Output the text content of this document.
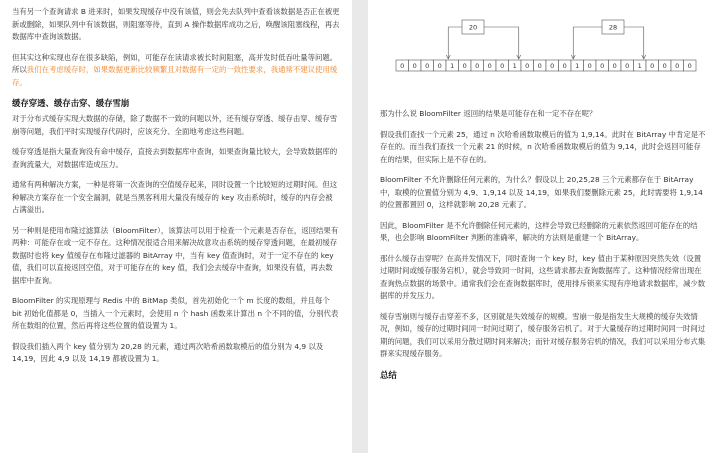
当有另一个查询请求 B 进来时，如果发现缓存中没有该值，则会先去队列中查看该数据是否正在被更新或删除，如果队列中有该数据，则阻塞等待，直到 A 操作数据库成功之后，唤醒该阻塞线程，再去数据库中查询该数据。

但其实这种实现也存在很多缺陷，例如，可能存在读请求被长时间阻塞，高并发时低吞吐量等问题。所以我们在考虑缓存时，如果数据更新比较频繁且对数据有一定的一致性要求，我通常不建议使用缓存。

缓存穿透、缓存击穿、缓存雪崩

对于分布式缓存实现大数据的存储，除了数据不一致的问题以外，还有缓存穿透、缓存击穿、缓存雪崩等问题，我们平时实现缓存代码时，应该充分、全面地考虑这些问题。

缓存穿透是指大量查询没有命中缓存，直接去到数据库中查询，如果查询量比较大，会导致数据库的查询流量大，对数据库造成压力。

通常有两种解决方案，一种是将第一次查询的空值缓存起来，同时设置一个比较短的过期时间。但这种解决方案存在一个安全漏洞，就是当黑客利用大量没有缓存的 key 攻击系统时，缓存的内存会被占满溢出。

另一种则是使用布隆过滤算法（BloomFilter），该算法可以用于检查一个元素是否存在，返回结果有两种：可能存在或一定不存在。这种情况很适合用来解决故意攻击系统的缓存穿透问题，在最初缓存数据时也将 key 值缓存在布隆过滤器的 BitArray 中，当有 key 值查询时，对于一定不存在的 key 值，我们可以直接返回空值，对于可能存在的 key 值，我们会去缓存中查询，如果没有值，再去数据库中查询。

BloomFilter 的实现原理与 Redis 中的 BitMap 类似，首先初始化一个 m 长度的数组，并且每个 bit 初始化值都是 0，当插入一个元素时，会使用 n 个 hash 函数来计算出 n 个不同的值，分别代表所在数组的位置，然后再将这些位置的值设置为 1。

假设我们插入两个 key 值分别为 20,28 的元素，通过两次哈希函数取模后的值分别为 4,9 以及 14,19，因此 4,9 以及 14,19 都被设置为 1。

0 0 0 0 1 0 0 0 0 1 0 0 0 0 1 0 0 0 0 1 0 0 0 0
20	28

那为什么说 BloomFilter 返回的结果是可能存在和一定不存在呢？

假设我们查找一个元素 25，通过 n 次哈希函数取模后的值为 1,9,14。此时在 BitArray 中肯定是不存在的。而当我们查找一个元素 21 的时候，n 次哈希函数取模后的值为 9,14，此时会返回可能存在的结果，但实际上是不存在的。

BloomFilter 不允许删除任何元素的，为什么？假设以上 20,25,28 三个元素都存在于 BitArray 中，取模的位置值分别为 4,9、1,9,14 以及 14,19，如果我们要删除元素 25，此时需要将 1,9,14 的位置都置回 0，这样就影响 20,28 元素了。

因此，BloomFilter 是不允许删除任何元素的，这样会导致已经删除的元素依然返回可能存在的结果，也会影响 BloomFilter 判断的准确率，解决的方法则是重建一个 BitArray。

那什么缓存击穿呢？在高并发情况下，同时查询一个 key 时，key 值由于某种原因突然失效（设置过期时间或缓存服务宕机），就会导致同一时间，这些请求都去查询数据库了。这种情况经常出现在查询热点数据的场景中。通常我们会在查询数据库时，使用排斥锁来实现有序地请求数据库，减少数据库的并发压力。

缓存雪崩则与缓存击穿差不多，区别就是失效缓存的规模。雪崩一般是指发生大规模的缓存失效情况，例如，缓存的过期时间同一时间过期了，缓存服务宕机了。对于大量缓存的过期时间同一时间过期的问题，我们可以采用分散过期时间来解决；而针对缓存服务宕机的情况，我们可以采用分布式集群来实现缓存服务。

总结
